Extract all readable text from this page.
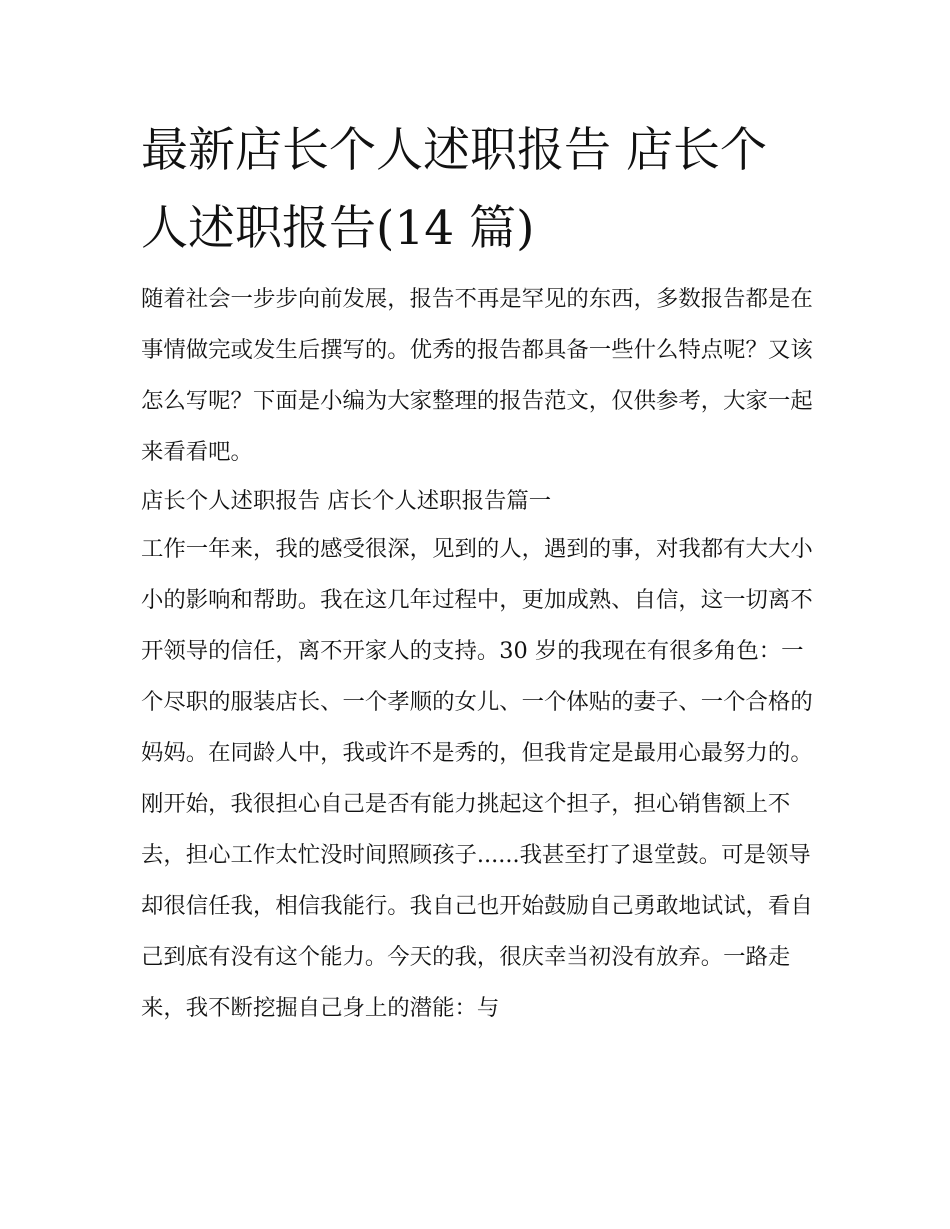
最新店长个人述职报告 店长个人述职报告(14 篇)

随着社会一步步向前发展，报告不再是罕见的东西，多数报告都是在事情做完或发生后撰写的。优秀的报告都具备一些什么特点呢？又该怎么写呢？下面是小编为大家整理的报告范文，仅供参考，大家一起来看看吧。

店长个人述职报告 店长个人述职报告篇一

工作一年来，我的感受很深，见到的人，遇到的事，对我都有大大小小的影响和帮助。我在这几年过程中，更加成熟、自信，这一切离不开领导的信任，离不开家人的支持。30 岁的我现在有很多角色：一个尽职的服装店长、一个孝顺的女儿、一个体贴的妻子、一个合格的妈妈。在同龄人中，我或许不是秀的，但我肯定是最用心最努力的。

刚开始，我很担心自己是否有能力挑起这个担子，担心销售额上不去，担心工作太忙没时间照顾孩子......我甚至打了退堂鼓。可是领导却很信任我，相信我能行。我自己也开始鼓励自己勇敢地试试，看自己到底有没有这个能力。今天的我，很庆幸当初没有放弃。一路走来，我不断挖掘自己身上的潜能：与
